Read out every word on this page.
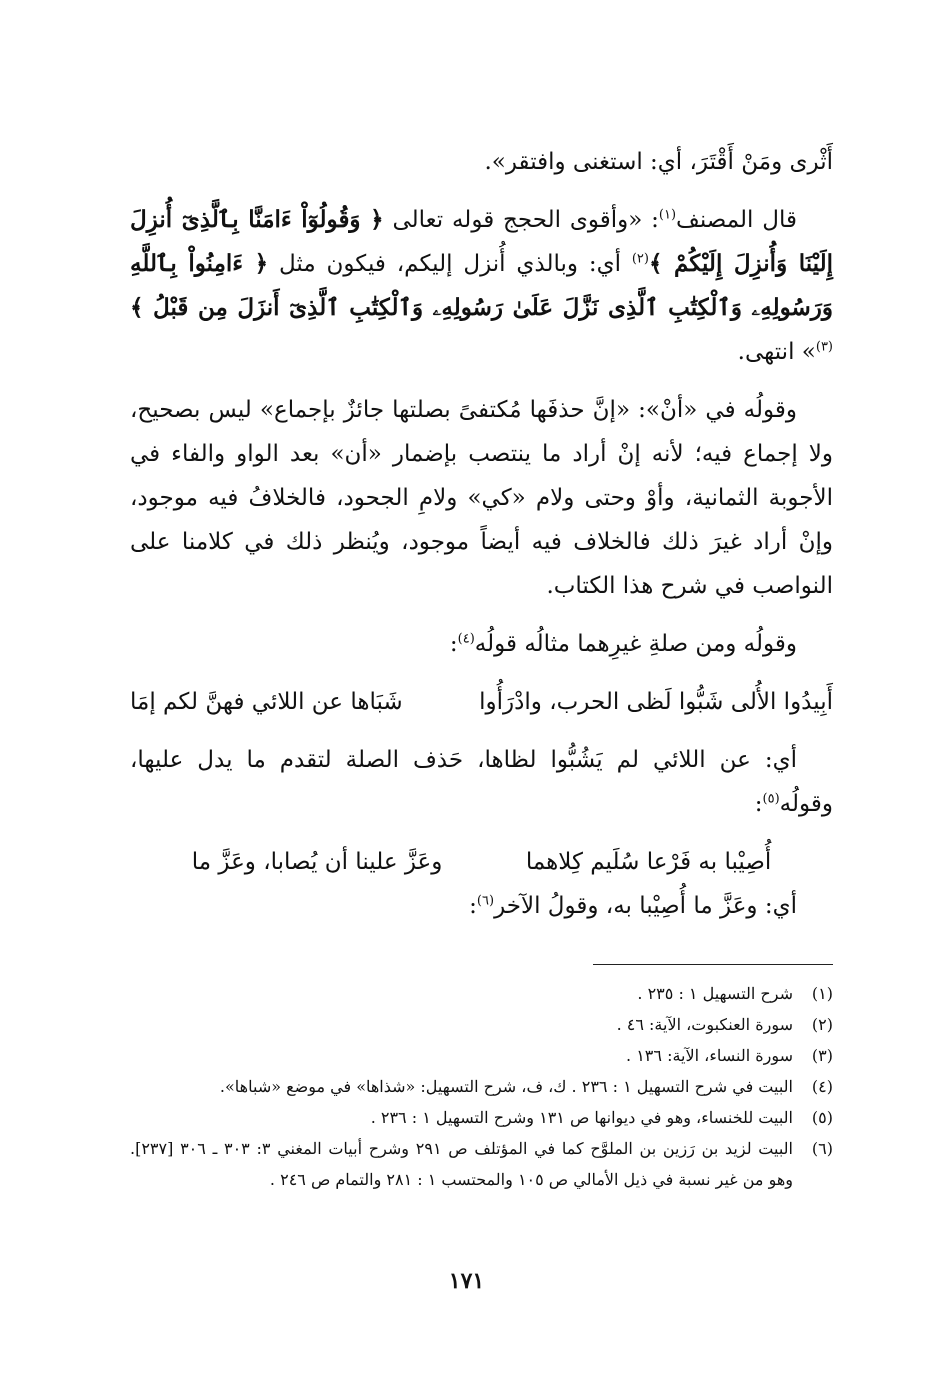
أَثْرى ومَنْ أَقْتَرَ، أي: استغنى وافتقر».

قال المصنف$^{(١)}$: «وأقوى الحجج قوله تعالى ﴿ وَقُولُوٓاْ ءَامَنَّا بِٱلَّذِىٓ أُنزِلَ إِلَيْنَا وَأُنزِلَ إِلَيْكُمْ ﴾$^{(٢)}$ أي: وبالذي أُنزل إليكم، فيكون مثل ﴿ ءَامِنُواْ بِٱللَّهِ وَرَسُولِهِۦ وَٱلْكِتَٰبِ ٱلَّذِى نَزَّلَ عَلَىٰ رَسُولِهِۦ وَٱلْكِتَٰبِ ٱلَّذِىٓ أَنزَلَ مِن قَبْلُ ﴾$^{(٣)}$» انتهى.

وقولُه في «أنْ»: «إنَّ حذفَها مُكتفىً بصلتها جائزٌ بإجماع» ليس بصحيح، ولا إجماع فيه؛ لأنه إنْ أراد ما ينتصب بإضمار «أن» بعد الواو والفاء في الأجوبة الثمانية، وأوْ وحتى ولام «كي» ولامِ الجحود، فالخلافُ فيه موجود، وإنْ أراد غيرَ ذلك فالخلاف فيه أيضاً موجود، ويُنظر ذلك في كلامنا على النواصب في شرح هذا الكتاب.

وقولُه ومن صلةِ غيرِهما مثالُه قولُه$^{(٤)}$:

أَبِيدُوا الأُلى شَبُّوا لَظى الحرب، وادْرَأُوا
شَبَاها عن اللائي فهنَّ لكم إمَا

أي: عن اللائي لم يَشُبُّوا لظاها، حَذف الصلة لتقدم ما يدل عليها، وقولُه$^{(٥)}$:

أُصِيْبا به فَرْعا سُلَيم كِلاهما
وعَزَّ علينا أن يُصابا، وعَزَّ ما

أي: وعَزَّ ما أُصِيْبا به، وقولُ الآخر$^{(٦)}$:

(١)
شرح التسهيل ١ : ٢٣٥ .
(٢)
سورة العنكبوت، الآية: ٤٦ .
(٣)
سورة النساء، الآية: ١٣٦ .
(٤)
البيت في شرح التسهيل ١ : ٢٣٦ . ك، ف، شرح التسهيل: «شذاها» في موضع «شباها».
(٥)
البيت للخنساء، وهو في ديوانها ص ١٣١ وشرح التسهيل ١ : ٢٣٦ .
(٦)
البيت لزيد بن رَزين بن الملوَّح كما في المؤتلف ص ٢٩١ وشرح أبيات المغني ٣: ٣٠٣ ـ ٣٠٦ [٢٣٧]. وهو من غير نسبة في ذيل الأمالي ص ١٠٥ والمحتسب ١ : ٢٨١ والتمام ص ٢٤٦ .
١٧١
